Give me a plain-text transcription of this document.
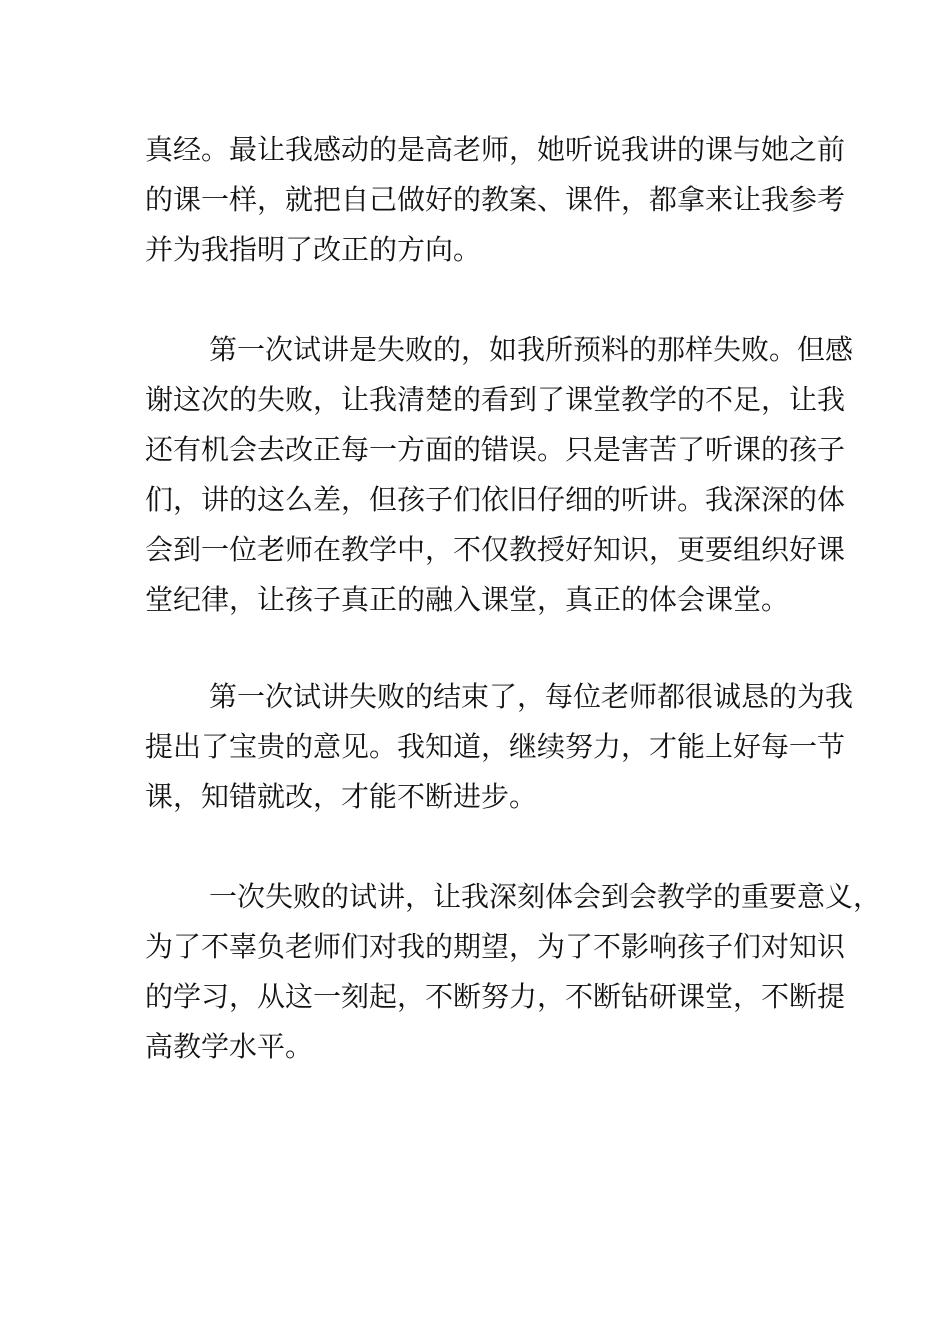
真经。最让我感动的是高老师，她听说我讲的课与她之前
的课一样，就把自己做好的教案、课件，都拿来让我参考
并为我指明了改正的方向。
第一次试讲是失败的，如我所预料的那样失败。但感
谢这次的失败，让我清楚的看到了课堂教学的不足，让我
还有机会去改正每一方面的错误。只是害苦了听课的孩子
们，讲的这么差，但孩子们依旧仔细的听讲。我深深的体
会到一位老师在教学中，不仅教授好知识，更要组织好课
堂纪律，让孩子真正的融入课堂，真正的体会课堂。
第一次试讲失败的结束了，每位老师都很诚恳的为我
提出了宝贵的意见。我知道，继续努力，才能上好每一节
课，知错就改，才能不断进步。
一次失败的试讲，让我深刻体会到会教学的重要意义，
为了不辜负老师们对我的期望，为了不影响孩子们对知识
的学习，从这一刻起，不断努力，不断钻研课堂，不断提
高教学水平。
